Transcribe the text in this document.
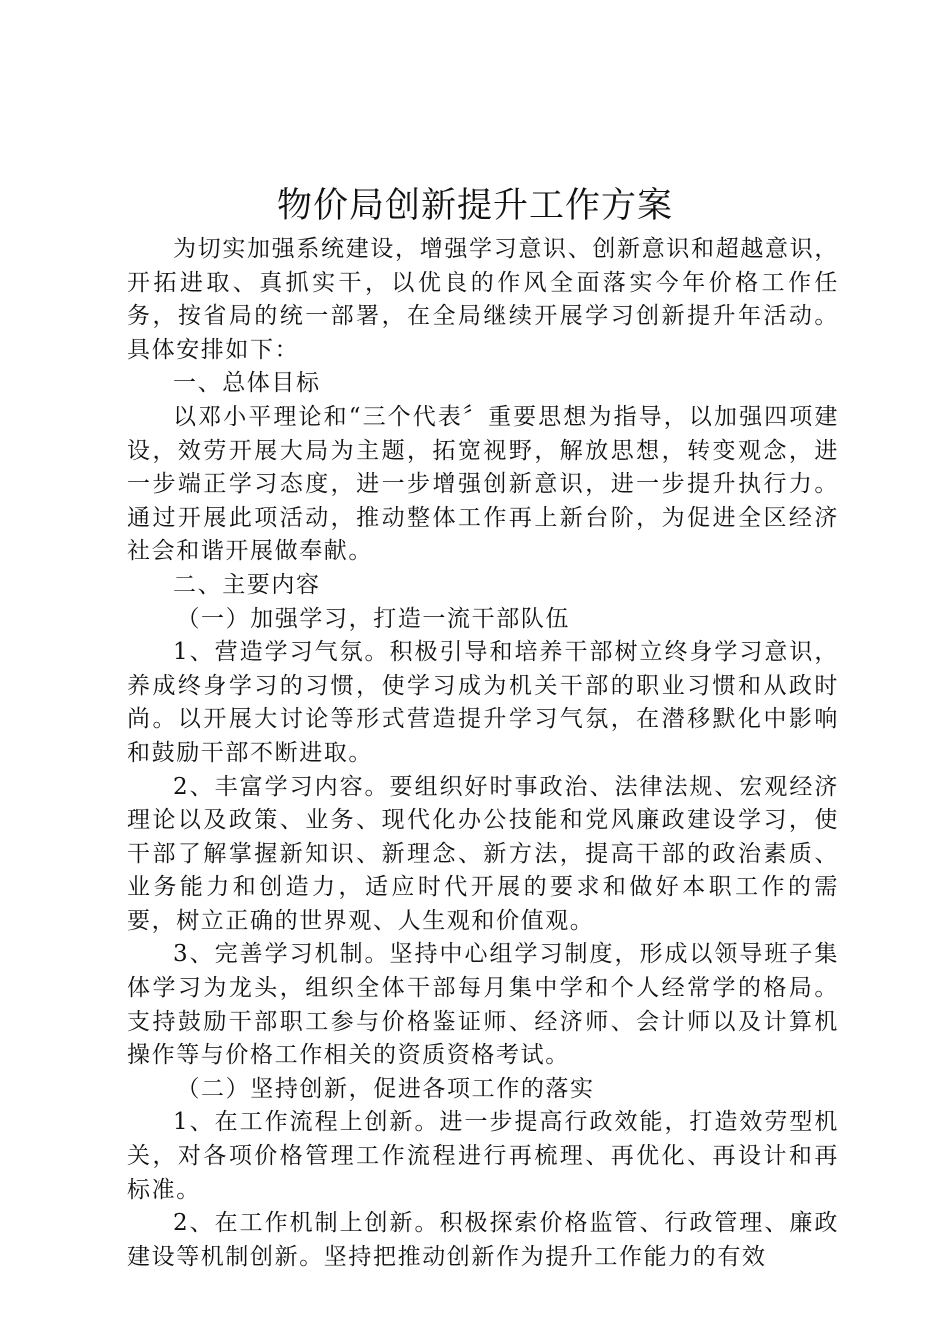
物价局创新提升工作方案

为切实加强系统建设，增强学习意识、创新意识和超越意识，开拓进取、真抓实干，以优良的作风全面落实今年价格工作任务，按省局的统一部署，在全局继续开展学习创新提升年活动。具体安排如下：

一、总体目标

以邓小平理论和“三个代表〞重要思想为指导，以加强四项建设，效劳开展大局为主题，拓宽视野，解放思想，转变观念，进一步端正学习态度，进一步增强创新意识，进一步提升执行力。通过开展此项活动，推动整体工作再上新台阶，为促进全区经济社会和谐开展做奉献。

二、主要内容

（一）加强学习，打造一流干部队伍

1、营造学习气氛。积极引导和培养干部树立终身学习意识，养成终身学习的习惯，使学习成为机关干部的职业习惯和从政时尚。以开展大讨论等形式营造提升学习气氛，在潜移默化中影响和鼓励干部不断进取。

2、丰富学习内容。要组织好时事政治、法律法规、宏观经济理论以及政策、业务、现代化办公技能和党风廉政建设学习，使干部了解掌握新知识、新理念、新方法，提高干部的政治素质、业务能力和创造力，适应时代开展的要求和做好本职工作的需要，树立正确的世界观、人生观和价值观。

3、完善学习机制。坚持中心组学习制度，形成以领导班子集体学习为龙头，组织全体干部每月集中学和个人经常学的格局。支持鼓励干部职工参与价格鉴证师、经济师、会计师以及计算机操作等与价格工作相关的资质资格考试。

（二）坚持创新，促进各项工作的落实

1、在工作流程上创新。进一步提高行政效能，打造效劳型机关，对各项价格管理工作流程进行再梳理、再优化、再设计和再标准。

2、在工作机制上创新。积极探索价格监管、行政管理、廉政建设等机制创新。坚持把推动创新作为提升工作能力的有效
